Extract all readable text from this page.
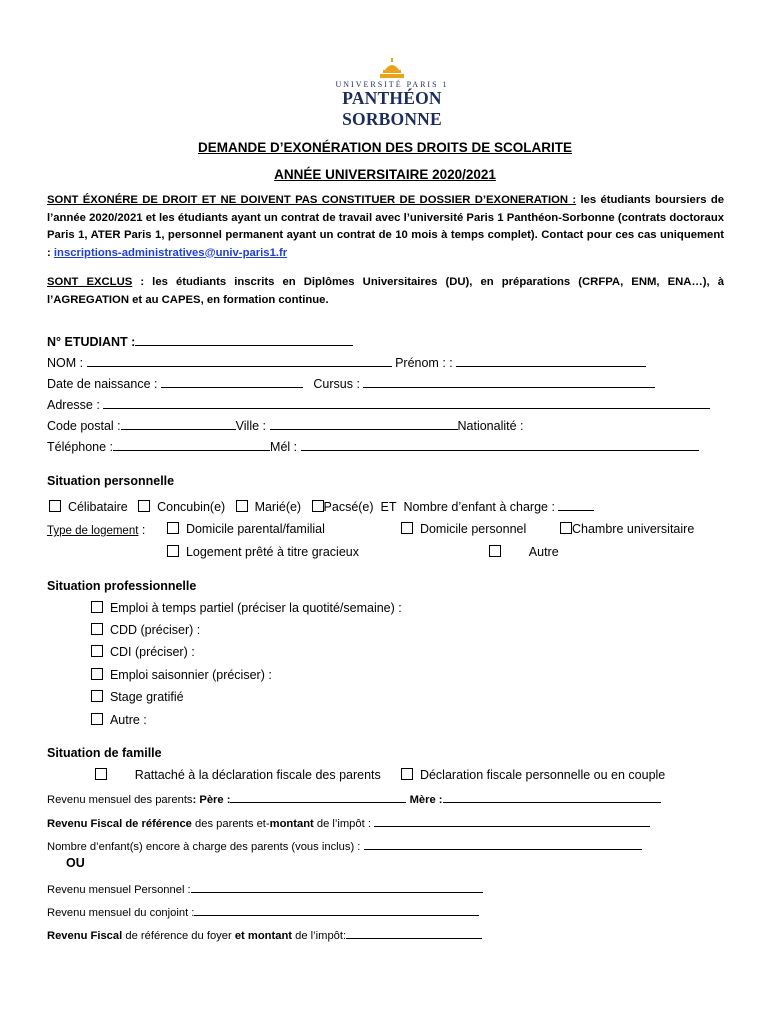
UNIVERSITÉ PARIS 1
PANTHÉON SORBONNE
DEMANDE D’EXONÉRATION DES DROITS DE SCOLARITE
ANNÉE UNIVERSITAIRE 2020/2021
SONT ÉXONÉRE DE DROIT ET NE DOIVENT PAS CONSTITUER DE DOSSIER D’EXONERATION : les étudiants boursiers de l’année 2020/2021 et les étudiants ayant un contrat de travail avec l’université Paris 1 Panthéon-Sorbonne (contrats doctoraux Paris 1, ATER Paris 1, personnel permanent ayant un contrat de 10 mois à temps complet). Contact pour ces cas uniquement : inscriptions-administratives@univ-paris1.fr
SONT EXCLUS : les étudiants inscrits en Diplômes Universitaires (DU), en préparations (CRFPA, ENM, ENA…), à l’AGREGATION et au CAPES, en formation continue.
N° ETUDIANT :
NOM :	Prénom : :
Date de naissance :	Cursus :
Adresse :
Code postal :	Ville :	Nationalité :
Téléphone :	Mél :
Situation personnelle
Célibataire Concubin(e) Marié(e) Pacsé(e) ET Nombre d’enfant à charge :
Type de logement :	Domicile parental/familial	Domicile personnel	Chambre universitaire
Logement prêté à titre gracieux	Autre
Situation professionnelle
Emploi à temps partiel (préciser la quotité/semaine) :
CDD (préciser) :
CDI (préciser) :
Emploi saisonnier (préciser) :
Stage gratifié
Autre :
Situation de famille
Rattaché à la déclaration fiscale des parents	Déclaration fiscale personnelle ou en couple
Revenu mensuel des parents: Père :	Mère :
Revenu Fiscal de référence des parents et-montant de l’impôt :
Nombre d’enfant(s) encore à charge des parents (vous inclus) :
OU
Revenu mensuel Personnel :
Revenu mensuel du conjoint :
Revenu Fiscal de référence du foyer et montant de l’impôt:
